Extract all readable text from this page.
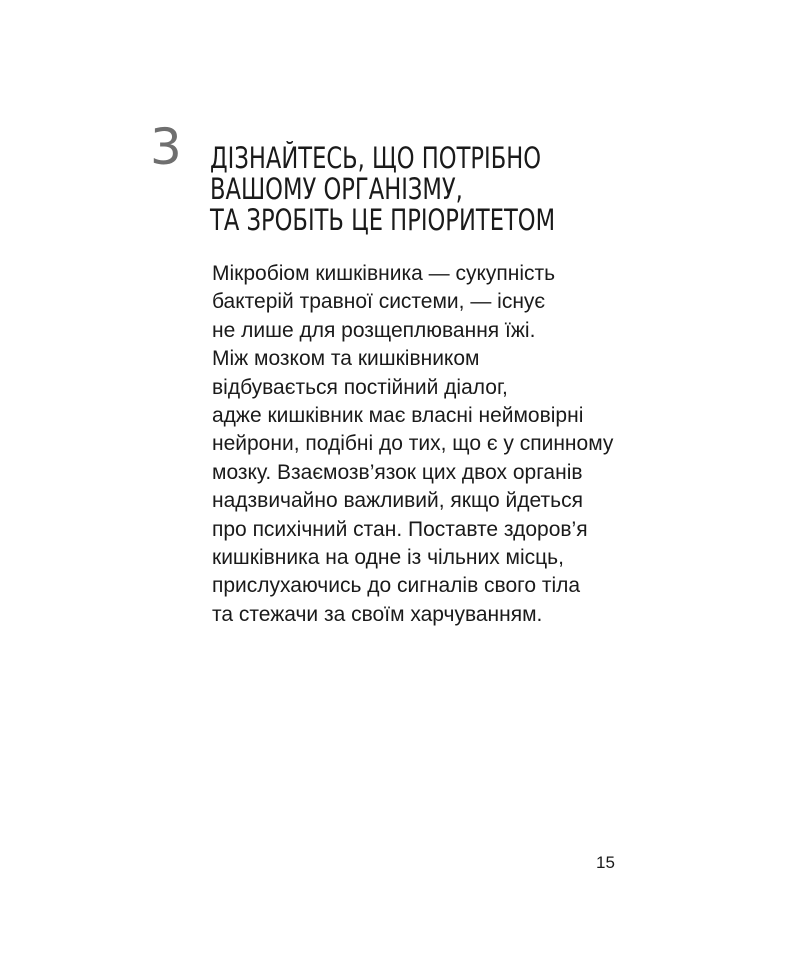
3 ДІЗНАЙТЕСЬ, ЩО ПОТРІБНО
ВАШОМУ ОРГАНІЗМУ,
ТА ЗРОБІТЬ ЦЕ ПРІОРИТЕТОМ
Мікробіом кишківника — сукупність
бактерій травної системи, — існує
не лише для розщеплювання їжі.
Між мозком та кишківником
відбувається постійний діалог,
адже кишківник має власні неймовірні
нейрони, подібні до тих, що є у спинному
мозку. Взаємозв’язок цих двох органів
надзвичайно важливий, якщо йдеться
про психічний стан. Поставте здоров’я
кишківника на одне із чільних місць,
прислухаючись до сигналів свого тіла
та стежачи за своїм харчуванням.
15
